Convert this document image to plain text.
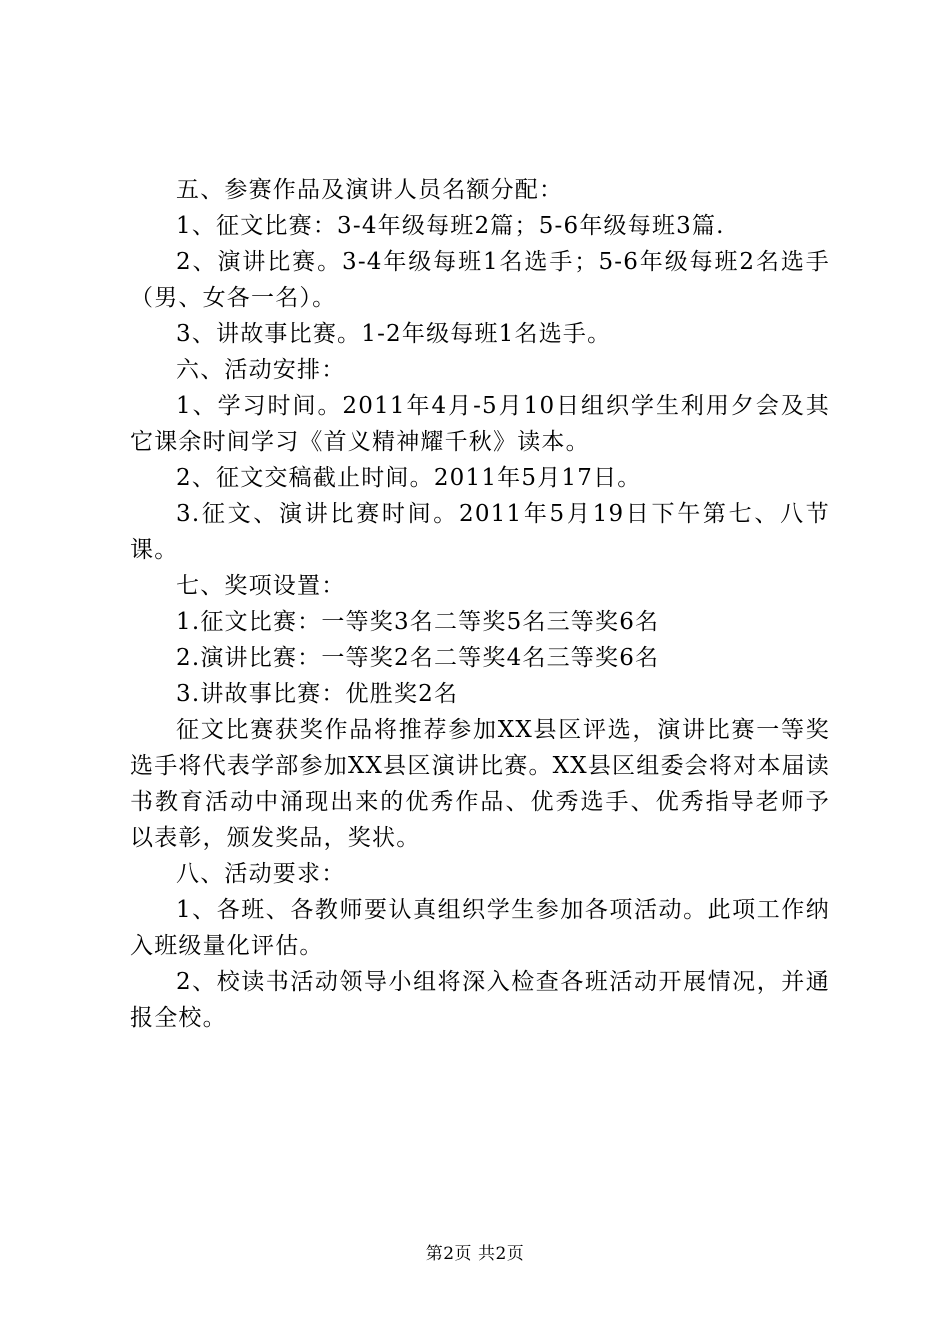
五、参赛作品及演讲人员名额分配：

1、征文比赛：3-4年级每班2篇；5-6年级每班3篇.

2、演讲比赛。3-4年级每班1名选手；5-6年级每班2名选手（男、女各一名）。

3、讲故事比赛。1-2年级每班1名选手。

六、活动安排：

1、学习时间。2011年4月-5月10日组织学生利用夕会及其它课余时间学习《首义精神耀千秋》读本。

2、征文交稿截止时间。2011年5月17日。

3.征文、演讲比赛时间。2011年5月19日下午第七、八节课。

七、奖项设置：

1.征文比赛：一等奖3名二等奖5名三等奖6名

2.演讲比赛：一等奖2名二等奖4名三等奖6名

3.讲故事比赛：优胜奖2名

征文比赛获奖作品将推荐参加XX县区评选，演讲比赛一等奖选手将代表学部参加XX县区演讲比赛。XX县区组委会将对本届读书教育活动中涌现出来的优秀作品、优秀选手、优秀指导老师予以表彰，颁发奖品，奖状。

八、活动要求：

1、各班、各教师要认真组织学生参加各项活动。此项工作纳入班级量化评估。

2、校读书活动领导小组将深入检查各班活动开展情况，并通报全校。

第2页 共2页
